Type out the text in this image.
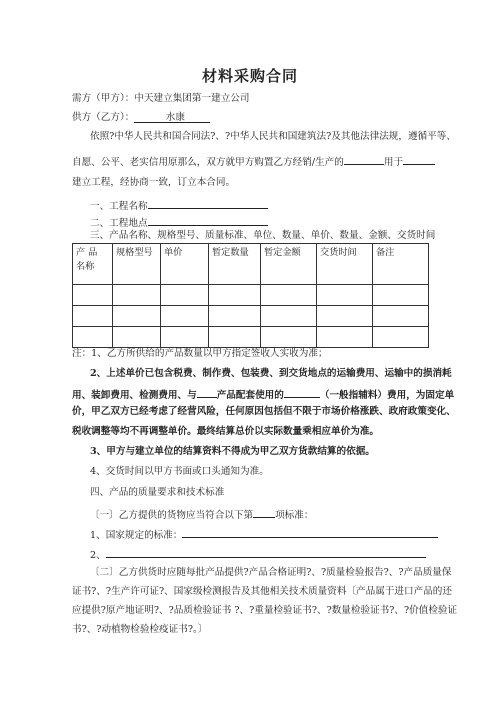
材料采购合同
需方（甲方）：中天建立集团第一建立公司
供方（乙方）：	水康
依照?中华人民共和国合同法?、?中华人民共和国建筑法?及其他法律法规，遵循平等、
自愿、公平、老实信用原那么，双方就甲方购置乙方经销/生产的	用于
建立工程，经协商一致，订立本合同。
一、工程名称
二、工程地点
三、产品名称、规格型号、质量标准、单位、数量、单价、数量、金额、交货时间
产 品 名称	规格型号	单价	暂定数量	暂定金额	交货时间	备注

注：1、乙方所供给的产品数量以甲方指定签收人实收为准；
2、上述单价已包含税费、制作费、包装费、到交货地点的运输费用、运输中的损消耗
用、装卸费用、检测费用、与 产品配套使用的	（一般指辅料）费用，为固定单
价，甲乙双方已经考虑了经营风险，任何原因包括但不限于市场价格涨跌、政府政策变化、
税收调整等均不再调整单价。最终结算总价以实际数量乘相应单价为准。
3、甲方与建立单位的结算资料不得成为甲乙双方货款结算的依据。
4、交货时间以甲方书面或口头通知为准。
四、产品的质量要求和技术标准
〔一〕乙方提供的货物应当符合以下第 项标准：
1、国家规定的标准：
2、
〔二〕乙方供货时应随每批产品提供?产品合格证明?、?质量检验报告?、?产品质量保
证书?、?生产许可证?、国家级检测报告及其他相关技术质量资料〔产品属于进口产品的还
应提供?原产地证明?、?品质检验证书 ?、?重量检验证书?、?数量检验证书?、?价值检验证
书?、?动植物检验检疫证书?。〕
